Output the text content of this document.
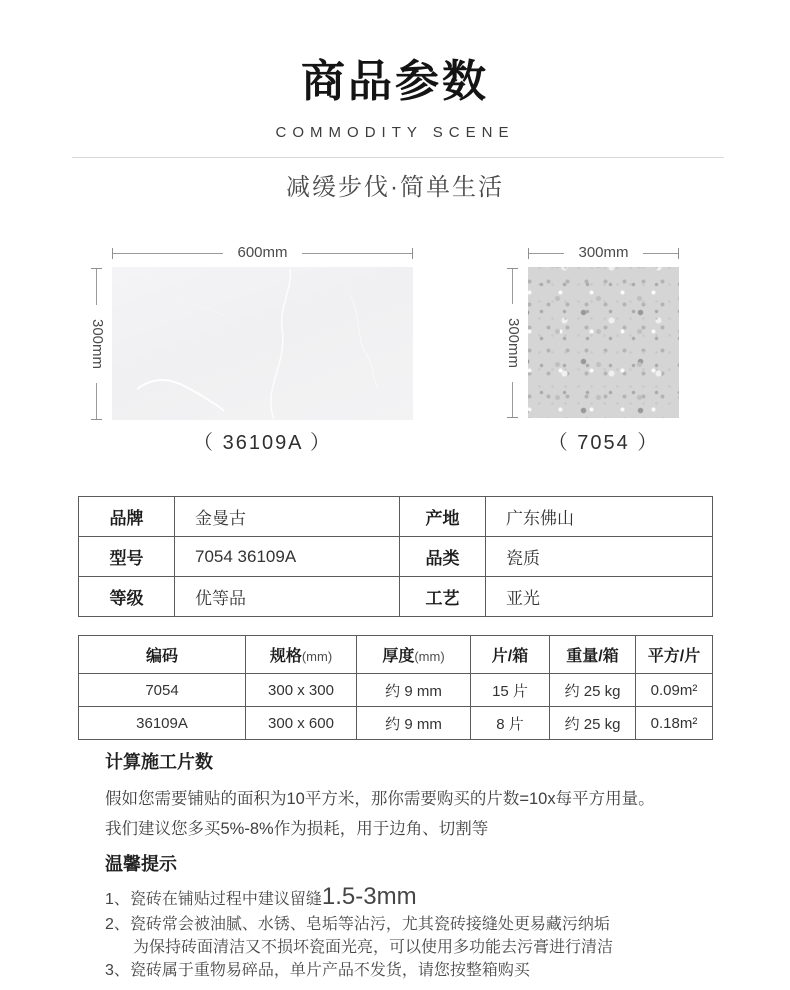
商品参数
COMMODITY SCENE
减缓步伐·简单生活
600mm
300mm
（ 36109A ）
300mm
300mm
（ 7054 ）
品牌	金曼古	产地	广东佛山
型号	7054 36109A	品类	瓷质
等级	优等品	工艺	亚光
编码	规格(mm)	厚度(mm)	片/箱	重量/箱	平方/片
7054	300 x 300	约 9 mm	15 片	约 25 kg	0.09m²
36109A	300 x 600	约 9 mm	8 片	约 25 kg	0.18m²
计算施工片数
假如您需要铺贴的面积为10平方米，那你需要购买的片数=10x每平方用量。
我们建议您多买5%-8%作为损耗，用于边角、切割等
温馨提示
1、瓷砖在铺贴过程中建议留缝1.5-3mm
2、瓷砖常会被油腻、水锈、皂垢等沾污，尤其瓷砖接缝处更易藏污纳垢
为保持砖面清洁又不损坏瓷面光亮，可以使用多功能去污膏进行清洁
3、瓷砖属于重物易碎品，单片产品不发货，请您按整箱购买
